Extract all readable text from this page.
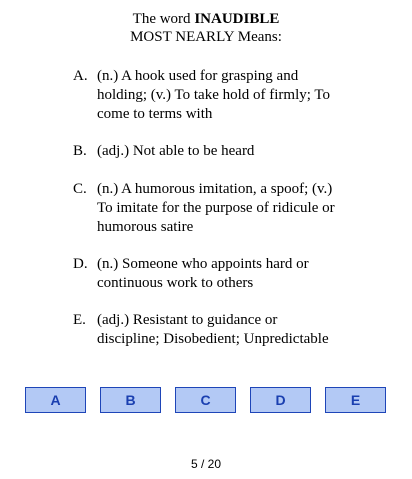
The word INAUDIBLE
MOST NEARLY Means:
A. (n.) A hook used for grasping and holding; (v.) To take hold of firmly; To come to terms with
B. (adj.) Not able to be heard
C. (n.) A humorous imitation, a spoof; (v.) To imitate for the purpose of ridicule or humorous satire
D. (n.) Someone who appoints hard or continuous work to others
E. (adj.) Resistant to guidance or discipline; Disobedient; Unpredictable
A	B	C	D	E
5 / 20
